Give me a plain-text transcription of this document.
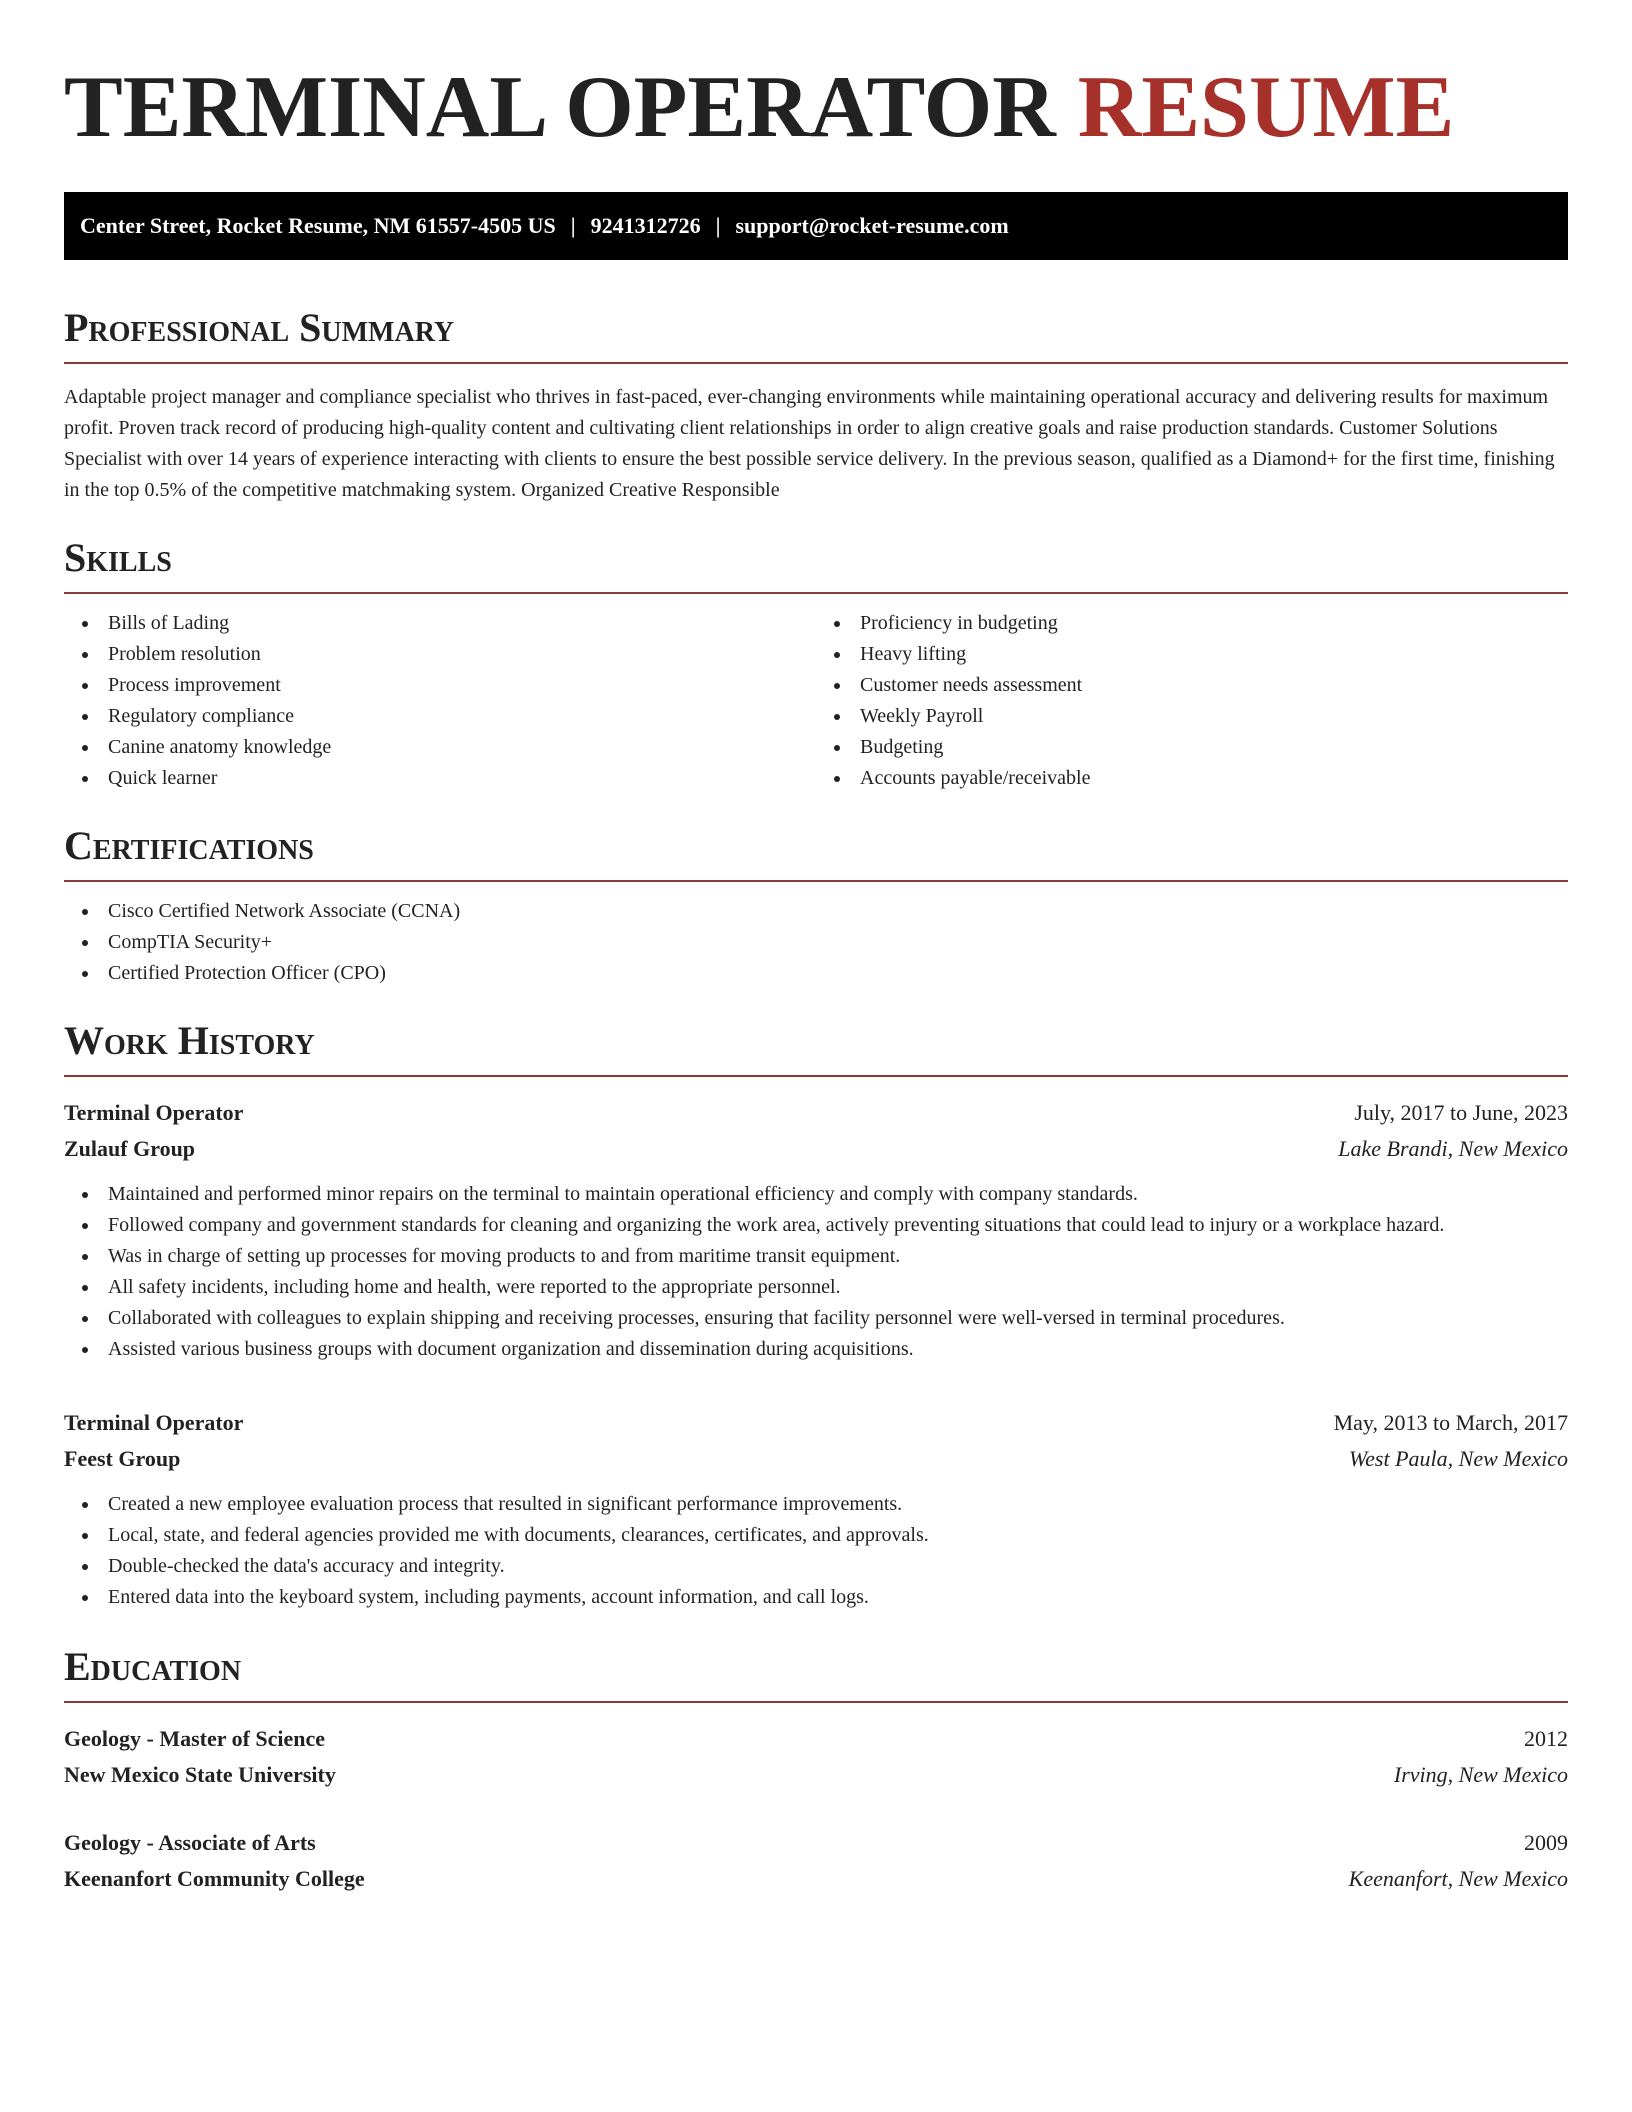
TERMINAL OPERATOR RESUME
Center Street, Rocket Resume, NM 61557-4505 US | 9241312726 | support@rocket-resume.com
Professional Summary

Adaptable project manager and compliance specialist who thrives in fast-paced, ever-changing environments while maintaining operational accuracy and delivering results for maximum profit. Proven track record of producing high-quality content and cultivating client relationships in order to align creative goals and raise production standards. Customer Solutions Specialist with over 14 years of experience interacting with clients to ensure the best possible service delivery. In the previous season, qualified as a Diamond+ for the first time, finishing in the top 0.5% of the competitive matchmaking system. Organized Creative Responsible

Skills
Bills of Lading
Problem resolution
Process improvement
Regulatory compliance
Canine anatomy knowledge
Quick learner
Proficiency in budgeting
Heavy lifting
Customer needs assessment
Weekly Payroll
Budgeting
Accounts payable/receivable
Certifications
Cisco Certified Network Associate (CCNA)
CompTIA Security+
Certified Protection Officer (CPO)
Work History
Terminal Operator	July, 2017 to June, 2023
Zulauf Group	Lake Brandi, New Mexico
Maintained and performed minor repairs on the terminal to maintain operational efficiency and comply with company standards.
Followed company and government standards for cleaning and organizing the work area, actively preventing situations that could lead to injury or a workplace hazard.
Was in charge of setting up processes for moving products to and from maritime transit equipment.
All safety incidents, including home and health, were reported to the appropriate personnel.
Collaborated with colleagues to explain shipping and receiving processes, ensuring that facility personnel were well-versed in terminal procedures.
Assisted various business groups with document organization and dissemination during acquisitions.
Terminal Operator	May, 2013 to March, 2017
Feest Group	West Paula, New Mexico
Created a new employee evaluation process that resulted in significant performance improvements.
Local, state, and federal agencies provided me with documents, clearances, certificates, and approvals.
Double-checked the data's accuracy and integrity.
Entered data into the keyboard system, including payments, account information, and call logs.
Education
Geology - Master of Science	2012
New Mexico State University	Irving, New Mexico
Geology - Associate of Arts	2009
Keenanfort Community College	Keenanfort, New Mexico
